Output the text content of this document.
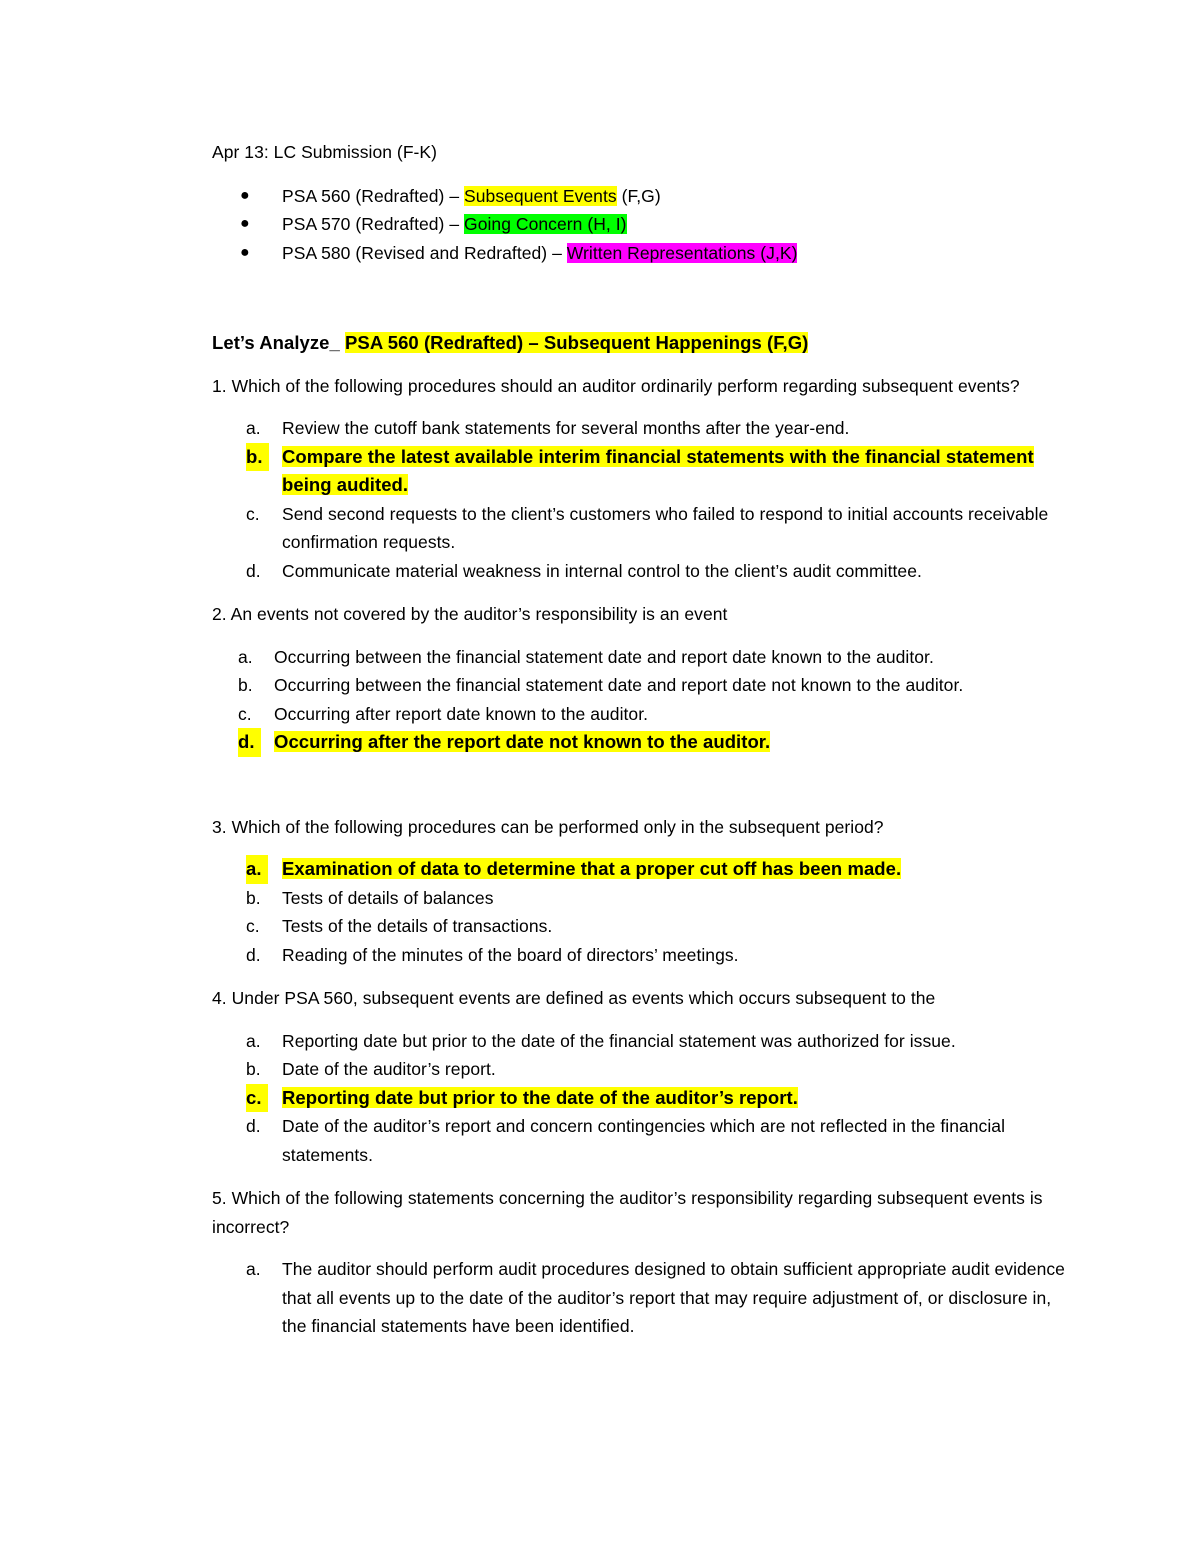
Apr 13: LC Submission (F-K)

● PSA 560 (Redrafted) – Subsequent Events (F,G)
● PSA 570 (Redrafted) – Going Concern (H, I)
● PSA 580 (Revised and Redrafted) – Written Representations (J,K)

Let’s Analyze_ PSA 560 (Redrafted) – Subsequent Happenings (F,G)

1. Which of the following procedures should an auditor ordinarily perform regarding subsequent events?

a. Review the cutoff bank statements for several months after the year-end.
b.	Compare the latest available interim financial statements with the financial statement being audited.
c. Send second requests to the client’s customers who failed to respond to initial accounts receivable confirmation requests.
d. Communicate material weakness in internal control to the client’s audit committee.

2. An events not covered by the auditor’s responsibility is an event

a. Occurring between the financial statement date and report date known to the auditor.
b. Occurring between the financial statement date and report date not known to the auditor.
c. Occurring after report date known to the auditor.
d.	Occurring after the report date not known to the auditor.

3. Which of the following procedures can be performed only in the subsequent period?

a.	Examination of data to determine that a proper cut off has been made.
b. Tests of details of balances
c. Tests of the details of transactions.
d. Reading of the minutes of the board of directors’ meetings.

4. Under PSA 560, subsequent events are defined as events which occurs subsequent to the

a. Reporting date but prior to the date of the financial statement was authorized for issue.
b. Date of the auditor’s report.
c.	Reporting date but prior to the date of the auditor’s report.
d. Date of the auditor’s report and concern contingencies which are not reflected in the financial statements.

5. Which of the following statements concerning the auditor’s responsibility regarding subsequent events is incorrect?

a. The auditor should perform audit procedures designed to obtain sufficient appropriate audit evidence that all events up to the date of the auditor’s report that may require adjustment of, or disclosure in, the financial statements have been identified.
